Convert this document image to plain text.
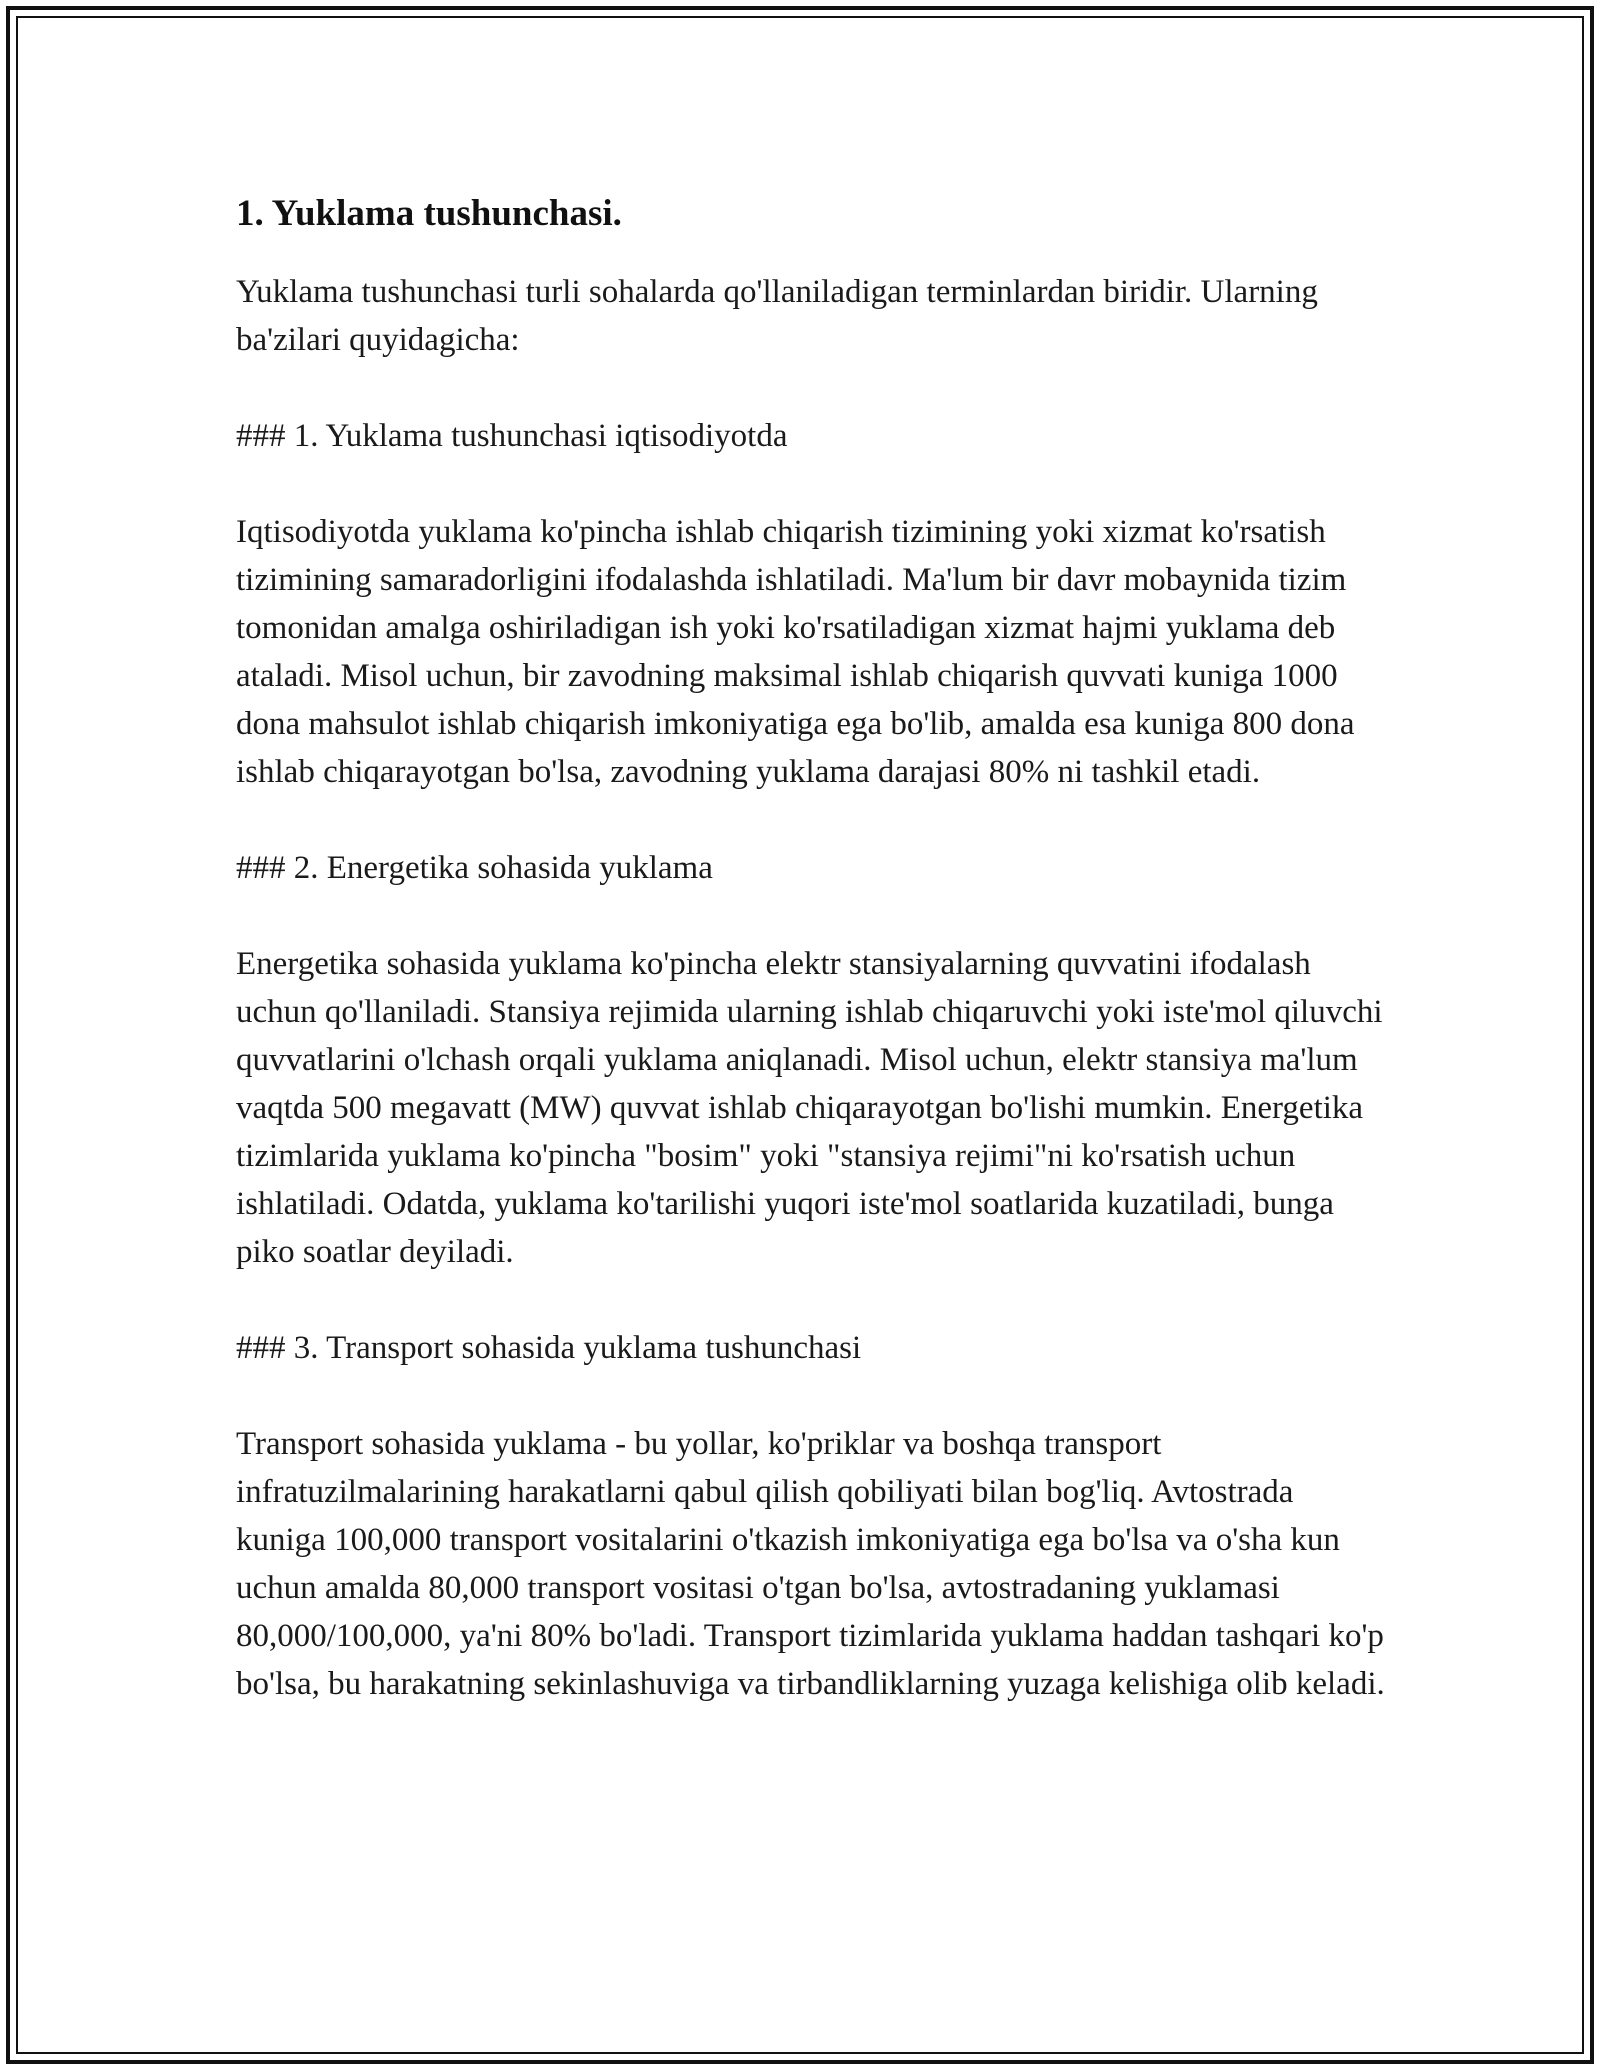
1. Yuklama tushunchasi.

Yuklama tushunchasi turli sohalarda qo'llaniladigan terminlardan biridir. Ularning ba'zilari quyidagicha:

### 1. Yuklama tushunchasi iqtisodiyotda

Iqtisodiyotda yuklama ko'pincha ishlab chiqarish tizimining yoki xizmat ko'rsatish tizimining samaradorligini ifodalashda ishlatiladi. Ma'lum bir davr mobaynida tizim tomonidan amalga oshiriladigan ish yoki ko'rsatiladigan xizmat hajmi yuklama deb ataladi. Misol uchun, bir zavodning maksimal ishlab chiqarish quvvati kuniga 1000 dona mahsulot ishlab chiqarish imkoniyatiga ega bo'lib, amalda esa kuniga 800 dona ishlab chiqarayotgan bo'lsa, zavodning yuklama darajasi 80% ni tashkil etadi.

### 2. Energetika sohasida yuklama

Energetika sohasida yuklama ko'pincha elektr stansiyalarning quvvatini ifodalash uchun qo'llaniladi. Stansiya rejimida ularning ishlab chiqaruvchi yoki iste'mol qiluvchi quvvatlarini o'lchash orqali yuklama aniqlanadi. Misol uchun, elektr stansiya ma'lum vaqtda 500 megavatt (MW) quvvat ishlab chiqarayotgan bo'lishi mumkin. Energetika tizimlarida yuklama ko'pincha "bosim" yoki "stansiya rejimi"ni ko'rsatish uchun ishlatiladi. Odatda, yuklama ko'tarilishi yuqori iste'mol soatlarida kuzatiladi, bunga piko soatlar deyiladi.

### 3. Transport sohasida yuklama tushunchasi

Transport sohasida yuklama - bu yollar, ko'priklar va boshqa transport infratuzilmalarining harakatlarni qabul qilish qobiliyati bilan bog'liq. Avtostrada kuniga 100,000 transport vositalarini o'tkazish imkoniyatiga ega bo'lsa va o'sha kun uchun amalda 80,000 transport vositasi o'tgan bo'lsa, avtostradaning yuklamasi 80,000/100,000, ya'ni 80% bo'ladi. Transport tizimlarida yuklama haddan tashqari ko'p bo'lsa, bu harakatning sekinlashuviga va tirbandliklarning yuzaga kelishiga olib keladi.
